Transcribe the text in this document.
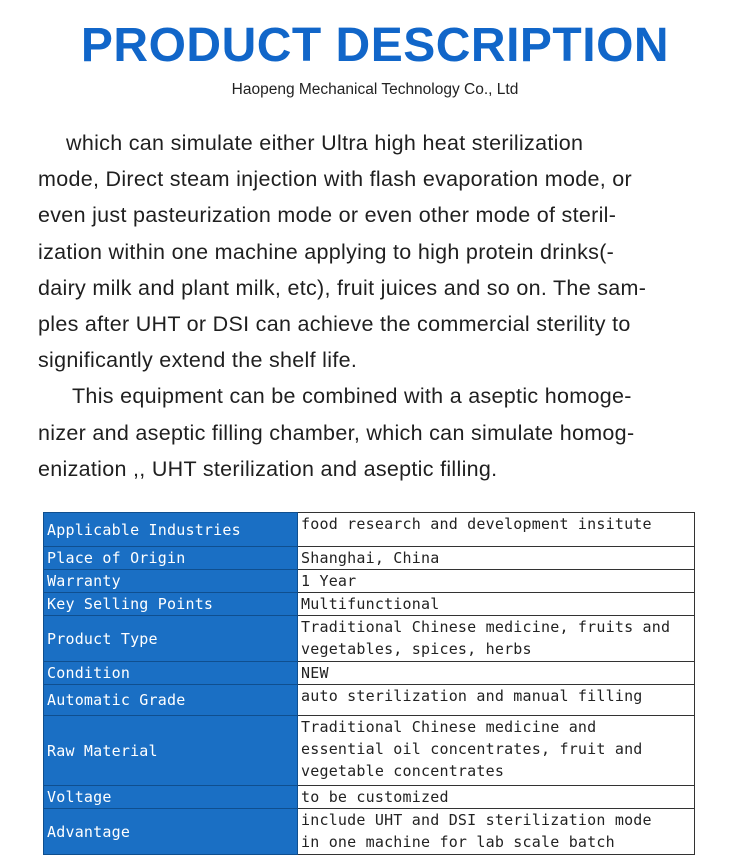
PRODUCT DESCRIPTION
Haopeng Mechanical Technology Co., Ltd
which can simulate either Ultra high heat sterilization
mode, Direct steam injection with flash evaporation mode, or
even just pasteurization mode or even other mode of steril-
ization within one machine applying to high protein drinks(-
dairy milk and plant milk, etc), fruit juices and so on. The sam-
ples after UHT or DSI can achieve the commercial sterility to
significantly extend the shelf life.
This equipment can be combined with a aseptic homoge-
nizer and aseptic filling chamber, which can simulate homog-
enization ,, UHT sterilization and aseptic filling.
Applicable Industries	food research and development insitute
Place of Origin	Shanghai, China
Warranty	1 Year
Key Selling Points	Multifunctional
Product Type	Traditional Chinese medicine, fruits and
vegetables, spices, herbs
Condition	NEW
Automatic Grade	auto sterilization and manual filling
Raw Material	Traditional Chinese medicine and
essential oil concentrates, fruit and
vegetable concentrates
Voltage	to be customized
Advantage	include UHT and DSI sterilization mode
in one machine for lab scale batch
